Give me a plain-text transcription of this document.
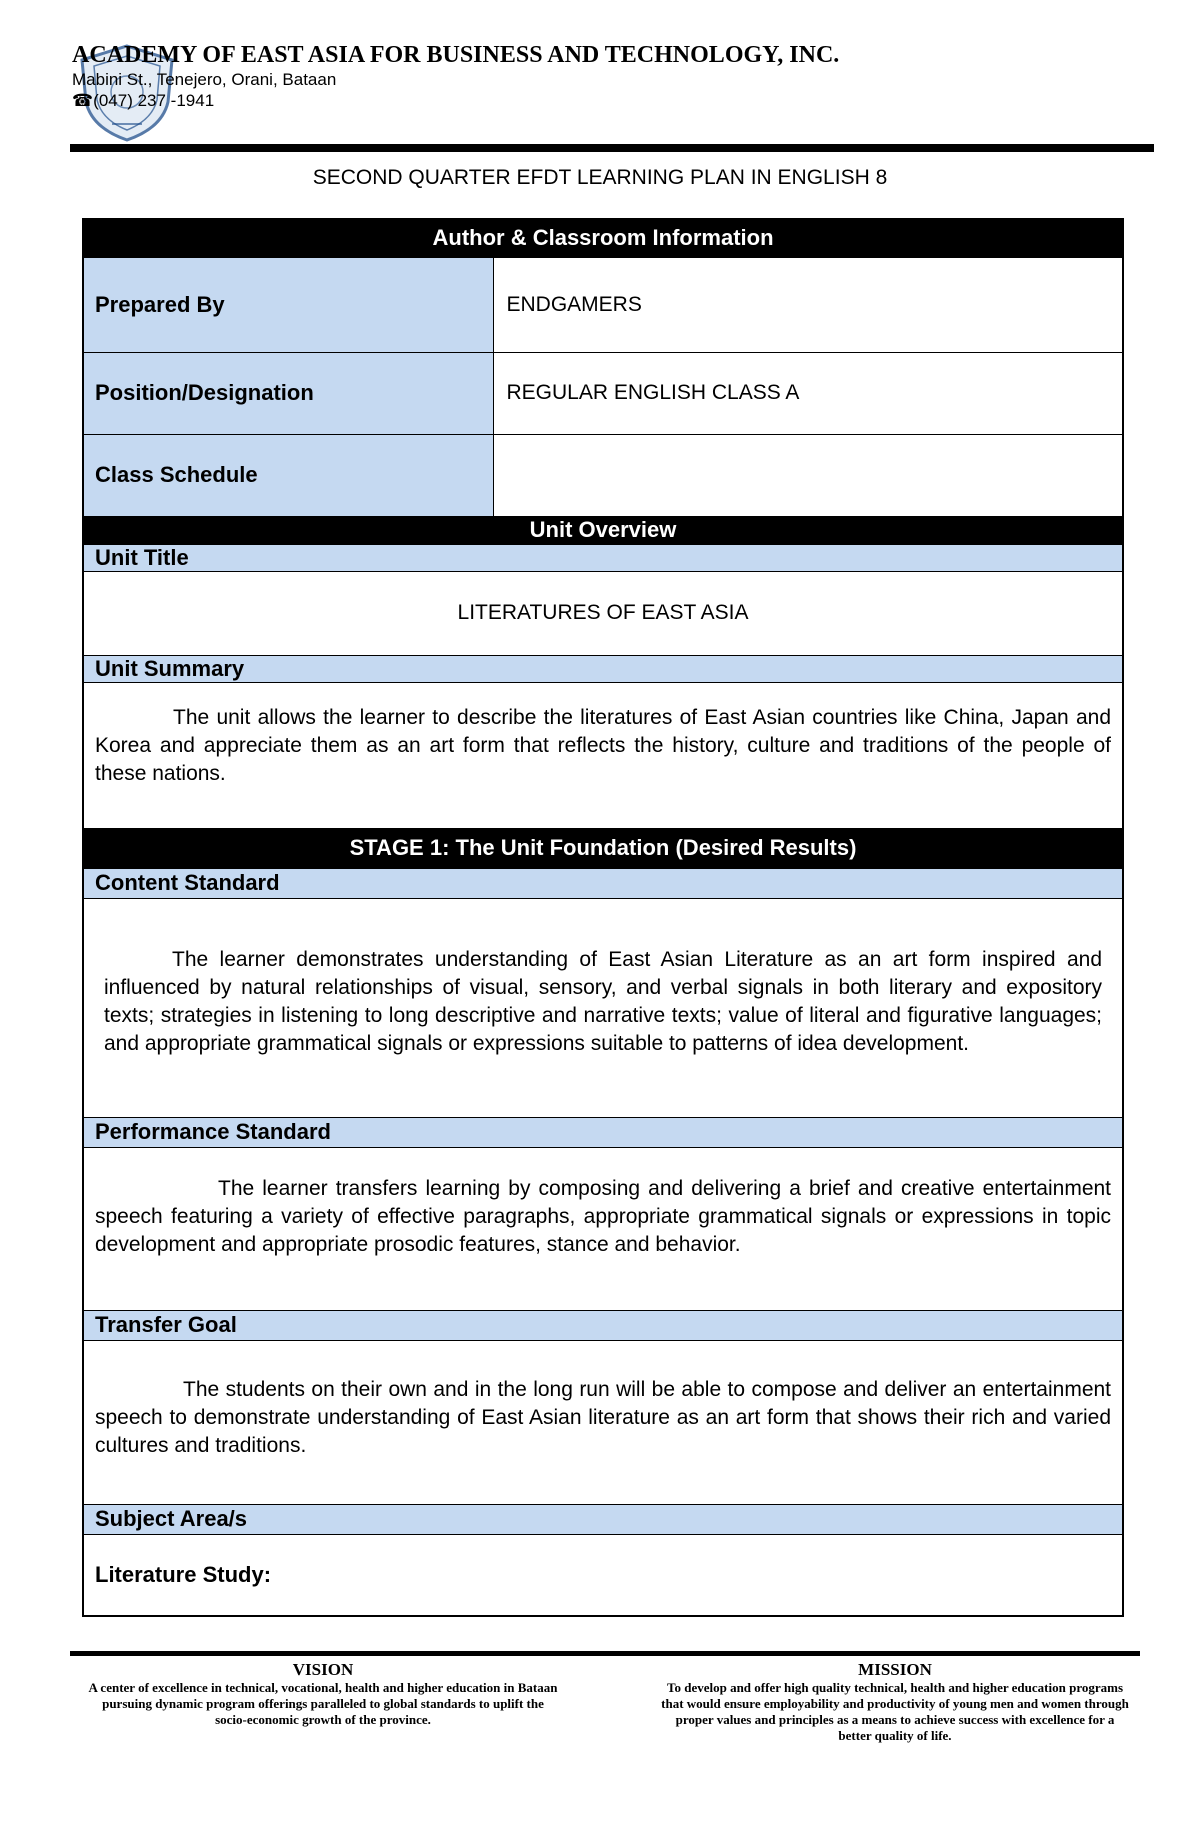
ACADEMY OF EAST ASIA FOR BUSINESS AND TECHNOLOGY, INC.
Mabini St., Tenejero, Orani, Bataan
☎(047) 237 -1941
SECOND QUARTER EFDT LEARNING PLAN IN ENGLISH 8
Author & Classroom Information	
Prepared By	ENDGAMERS
Position/Designation	REGULAR ENGLISH CLASS A
Class Schedule	
Unit Overview	
Unit Title	
LITERATURES OF EAST ASIA	
Unit Summary	

The unit allows the learner to describe the literatures of East Asian countries like China, Japan and Korea and appreciate them as an art form that reflects the history, culture and traditions of the people of these nations.	

STAGE 1: The Unit Foundation (Desired Results)	
Content Standard	

The learner demonstrates understanding of East Asian Literature as an art form inspired and influenced by natural relationships of visual, sensory, and verbal signals in both literary and expository texts; strategies in listening to long descriptive and narrative texts; value of literal and figurative languages; and appropriate grammatical signals or expressions suitable to patterns of idea development.	

Performance Standard	

The learner transfers learning by composing and delivering a brief and creative entertainment speech featuring a variety of effective paragraphs, appropriate grammatical signals or expressions in topic development and appropriate prosodic features, stance and behavior.	

Transfer Goal	

The students on their own and in the long run will be able to compose and deliver an entertainment speech to demonstrate understanding of East Asian literature as an art form that shows their rich and varied cultures and traditions.	

Subject Area/s	
Literature Study:	
VISION
A center of excellence in technical, vocational, health and higher education in Bataan pursuing dynamic program offerings paralleled to global standards to uplift the socio-economic growth of the province.
MISSION
To develop and offer high quality technical, health and higher education programs that would ensure employability and productivity of young men and women through proper values and principles as a means to achieve success with excellence for a better quality of life.
